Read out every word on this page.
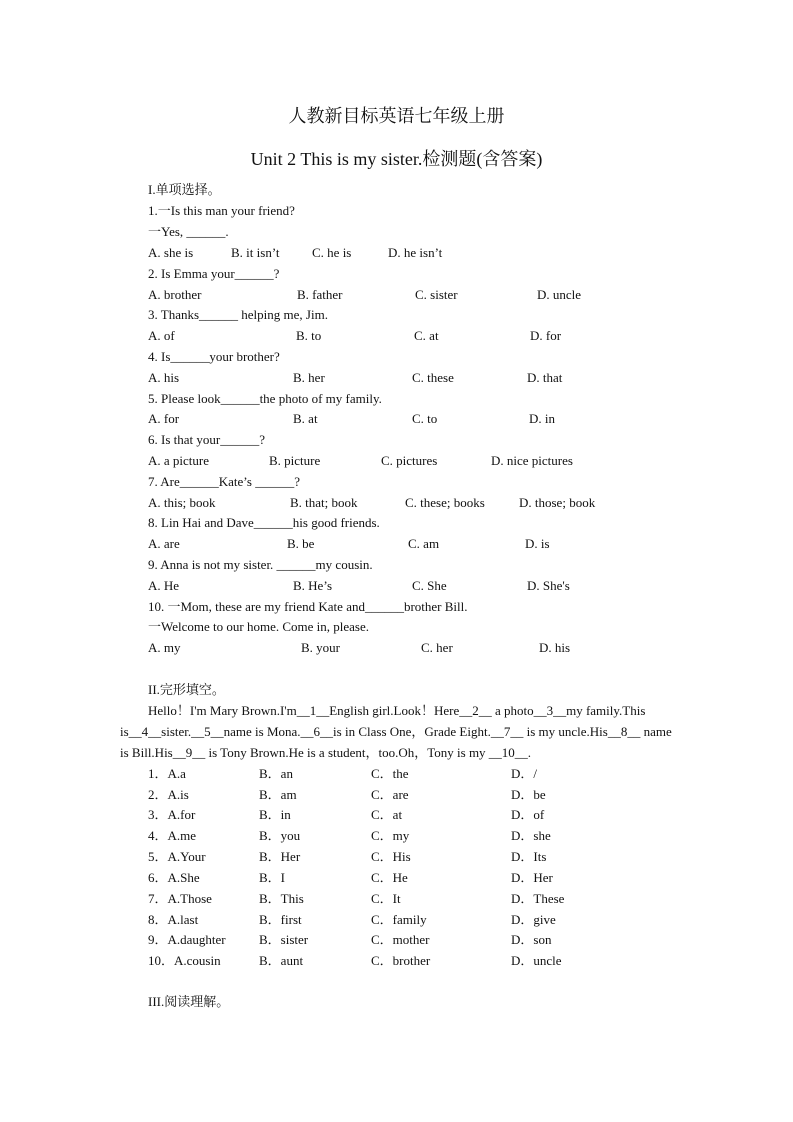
人教新目标英语七年级上册
Unit 2 This is my sister.检测题(含答案)
I.单项选择。
1.一Is this man your friend?
一Yes, ______.
A. she is	B. it isn’t C. he is	D. he isn’t
2. Is Emma your______?
A. brother	B. father	C. sister	D. uncle
3. Thanks______ helping me, Jim.
A. of	B. to	C. at	D. for
4. Is______your brother?
A. his	B. her	C. these	D. that
5. Please look______the photo of my family.
A. for	B. at	C. to	D. in
6. Is that your______?
A. a picture	B. picture	C. pictures	D. nice pictures
7. Are______Kate’s ______?
A. this; book	B. that; book	C. these; books	D. those; book
8. Lin Hai and Dave______his good friends.
A. are	B. be	C. am	D. is
9. Anna is not my sister. ______my cousin.
A. He	B. He’s	C. She	D. She's
10. 一Mom, these are my friend Kate and______brother Bill.
一Welcome to our home. Come in, please.
A. my	B. your	C. her	D. his
II.完形填空。
Hello！I'm Mary Brown.I'm__1__English girl.Look！Here__2__ a photo__3__my family.This is__4__sister.__5__name is Mona.__6__is in Class One，Grade Eight.__7__ is my uncle.His__8__ name is Bill.His__9__ is Tony Brown.He is a student，too.Oh，Tony is my __10__.
1．A.a	B．an	C．the	D．/
2．A.is	B．am	C．are	D．be
3．A.for	B．in	C．at	D．of
4．A.me	B．you	C．my	D．she
5．A.Your	B．Her	C．His	D．Its
6．A.She	B．I	C．He	D．Her
7．A.Those	B．This	C．It	D．These
8．A.last	B．first	C．family	D．give
9．A.daughter	B．sister	C．mother	D．son
10．A.cousin	B．aunt	C．brother	D．uncle
III.阅读理解。
